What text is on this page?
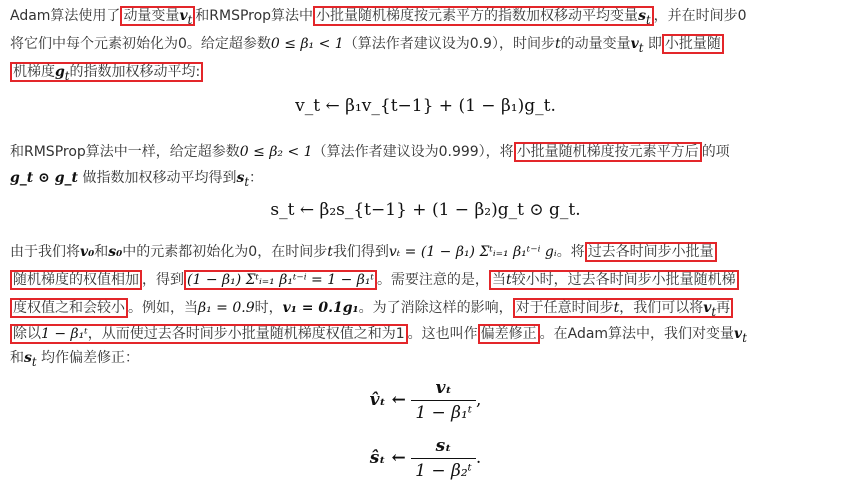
Adam算法使用了 动量变量$v_t$ 和RMSProp算法中 小批量随机梯度按元素平方的指数加权移动平均变量$s_t$ ，并在时间步0
将它们中每个元素初始化为0。给定超参数0 ≤ β₁ < 1（算法作者建议设为0.9），时间步t的动量变量$v_t$ 即 小批量随
机梯度$g_t$的指数加权移动平均:
v_t ← β₁v_{t−1} + (1 − β₁)g_t.
和RMSProp算法中一样，给定超参数0 ≤ β₂ < 1（算法作者建议设为0.999），将 小批量随机梯度按元素平方后 的项
g_t ⊙ g_t 做指数加权移动平均得到$s_t$：
s_t ← β₂s_{t−1} + (1 − β₂)g_t ⊙ g_t.
由于我们将v₀和s₀中的元素都初始化为0，在时间步t我们得到vₜ = (1 − β₁) Σᵗᵢ₌₁ β₁ᵗ⁻ⁱ gᵢ。将 过去各时间步小批量
随机梯度的权值相加 ，得到 (1 − β₁) Σᵗᵢ₌₁ β₁ᵗ⁻ⁱ = 1 − β₁ᵗ 。需要注意的是， 当t较小时，过去各时间步小批量随机梯
度权值之和会较小 。例如，当β₁ = 0.9时，v₁ = 0.1g₁。为了消除这样的影响， 对于任意时间步t，我们可以将$v_t$再
除以1 − β₁ᵗ，从而使过去各时间步小批量随机梯度权值之和为1 。这也叫作 偏差修正 。在Adam算法中，我们对变量$v_t$
和$s_t$ 均作偏差修正：
v̂ₜ ← $\frac{\text{vₜ}}{\text{1 − β₁ᵗ}}$ ,
ŝₜ ← $\frac{\text{sₜ}}{\text{1 − β₂ᵗ}}$ .
